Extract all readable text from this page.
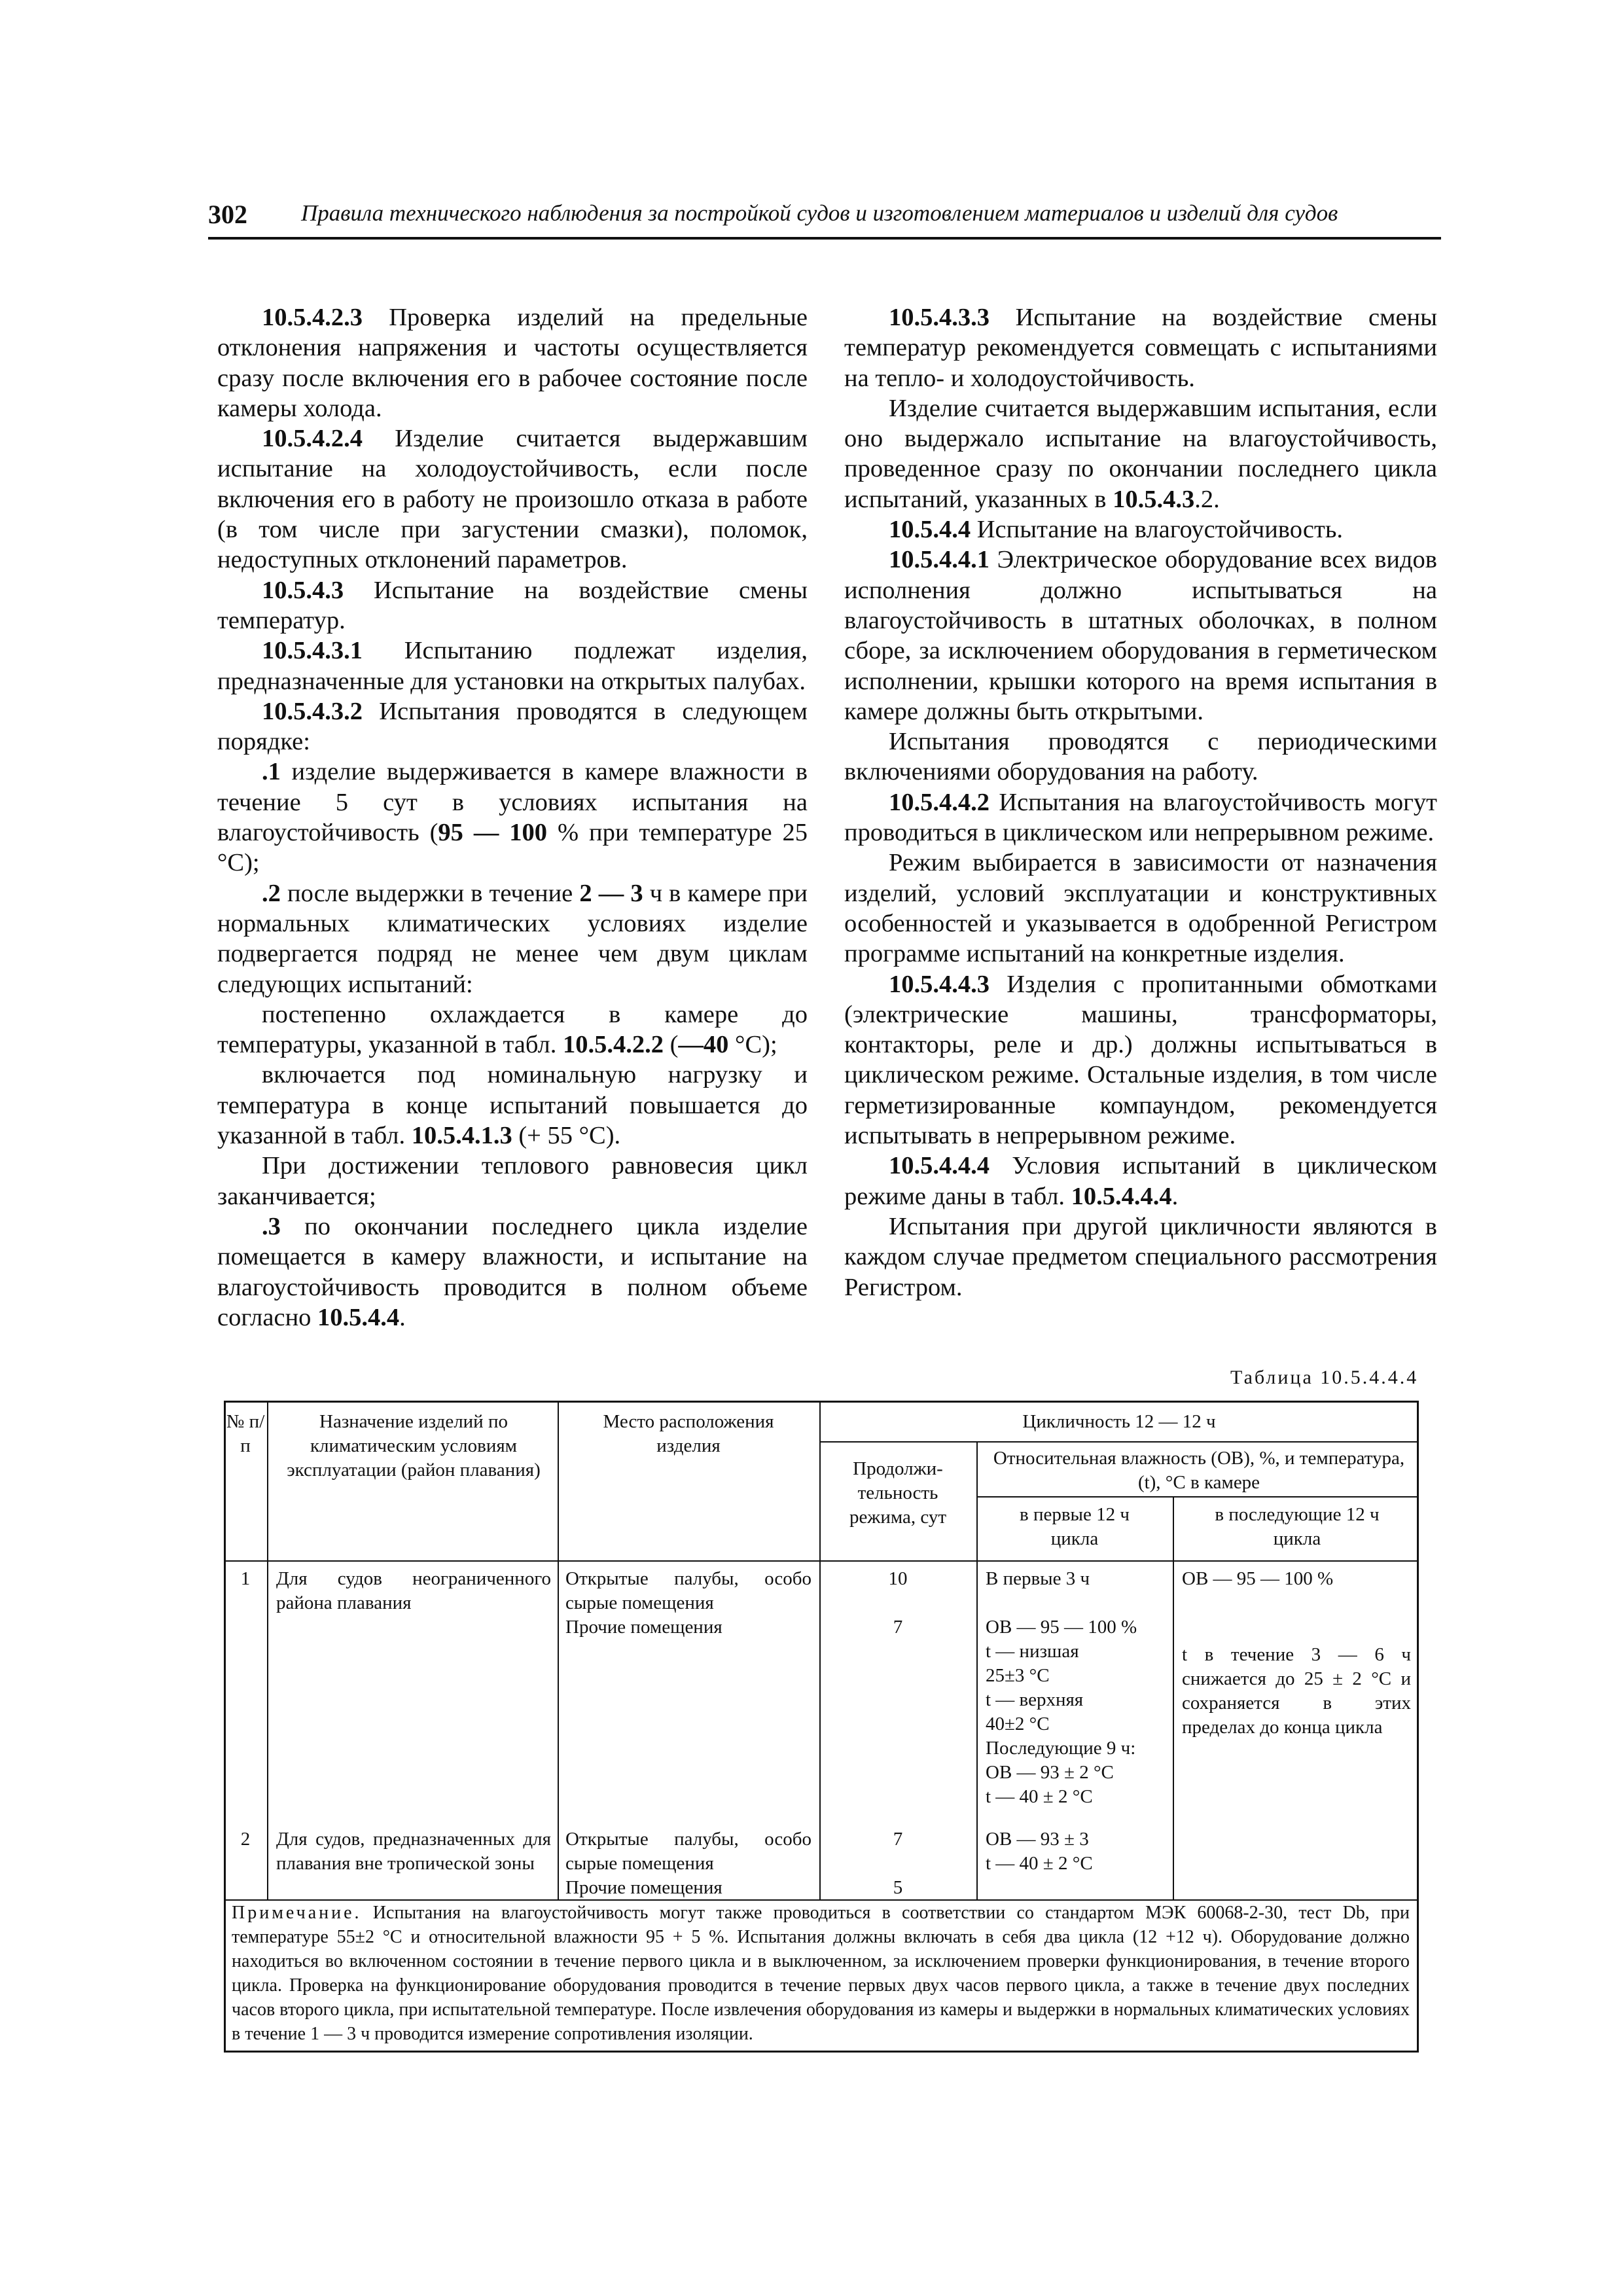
302 Правила технического наблюдения за постройкой судов и изготовлением материалов и изделий для судов

10.5.4.2.3 Проверка изделий на предельные отклонения напряжения и частоты осуществляется сразу после включения его в рабочее состояние после камеры холода.

10.5.4.2.4 Изделие считается выдержавшим испытание на холодоустойчивость, если после включения его в работу не произошло отказа в работе (в том числе при загустении смазки), поломок, недоступных отклонений параметров.

10.5.4.3 Испытание на воздействие смены температур.

10.5.4.3.1 Испытанию подлежат изделия, предназначенные для установки на открытых палубах.

10.5.4.3.2 Испытания проводятся в следующем порядке:

.1 изделие выдерживается в камере влажности в течение 5 сут в условиях испытания на влагоустойчивость (95 — 100 % при температуре 25 °С);

.2 после выдержки в течение 2 — 3 ч в камере при нормальных климатических условиях изделие подвергается подряд не менее чем двум циклам следующих испытаний:

постепенно охлаждается в камере до температуры, указанной в табл. 10.5.4.2.2 (—40 °С);

включается под номинальную нагрузку и температура в конце испытаний повышается до указанной в табл. 10.5.4.1.3 (+ 55 °С).

При достижении теплового равновесия цикл заканчивается;

.3 по окончании последнего цикла изделие помещается в камеру влажности, и испытание на влагоустойчивость проводится в полном объеме согласно 10.5.4.4.

10.5.4.3.3 Испытание на воздействие смены температур рекомендуется совмещать с испытаниями на тепло- и холодоустойчивость.

Изделие считается выдержавшим испытания, если оно выдержало испытание на влагоустойчивость, проведенное сразу по окончании последнего цикла испытаний, указанных в 10.5.4.3.2.

10.5.4.4 Испытание на влагоустойчивость.

10.5.4.4.1 Электрическое оборудование всех видов исполнения должно испытываться на влагоустойчивость в штатных оболочках, в полном сборе, за исключением оборудования в герметическом исполнении, крышки которого на время испытания в камере должны быть открытыми.

Испытания проводятся с периодическими включениями оборудования на работу.

10.5.4.4.2 Испытания на влагоустойчивость могут проводиться в циклическом или непрерывном режиме.

Режим выбирается в зависимости от назначения изделий, условий эксплуатации и конструктивных особенностей и указывается в одобренной Регистром программе испытаний на конкретные изделия.

10.5.4.4.3 Изделия с пропитанными обмотками (электрические машины, трансформаторы, контакторы, реле и др.) должны испытываться в циклическом режиме. Остальные изделия, в том числе герметизированные компаундом, рекомендуется испытывать в непрерывном режиме.

10.5.4.4.4 Условия испытаний в циклическом режиме даны в табл. 10.5.4.4.4.

Испытания при другой цикличности являются в каждом случае предметом специального рассмотрения Регистром.

Таблица 10.5.4.4.4
№ п/п
Назначение изделий по климатическим условиям эксплуатации (район плавания)
Место расположения изделия
Цикличность 12 — 12 ч
Продолжи-тельность режима, сут
Относительная влажность (ОВ), %, и температура, (t), °С в камере
в первые 12 ч цикла
в последующие 12 ч цикла
1	Для судов неограниченного района плавания
Открытые палубы, особо сырые помещения
Прочие помещения
10
7
В первые 3 ч
ОВ — 95 — 100 %
t — низшая
25±3 °С
t — верхняя
40±2 °С
Последующие 9 ч:
ОВ — 93 ± 2 °С
t — 40 ± 2 °С
ОВ — 95 — 100 %
t в течение 3 — 6 ч снижается до 25 ± 2 °С и сохраняется в этих пределах до конца цикла
2	Для судов, предназначенных для плавания вне тропической зоны
Открытые палубы, особо сырые помещения
Прочие помещения
7
5
ОВ — 93 ± 3
t — 40 ± 2 °С
Примечание. Испытания на влагоустойчивость могут также проводиться в соответствии со стандартом МЭК 60068-2-30, тест Db, при температуре 55±2 °С и относительной влажности 95 + 5 %. Испытания должны включать в себя два цикла (12 +12 ч). Оборудование должно находиться во включенном состоянии в течение первого цикла и в выключенном, за исключением проверки функционирования, в течение второго цикла. Проверка на функционирование оборудования проводится в течение первых двух часов первого цикла, а также в течение двух последних часов второго цикла, при испытательной температуре. После извлечения оборудования из камеры и выдержки в нормальных климатических условиях в течение 1 — 3 ч проводится измерение сопротивления изоляции.
